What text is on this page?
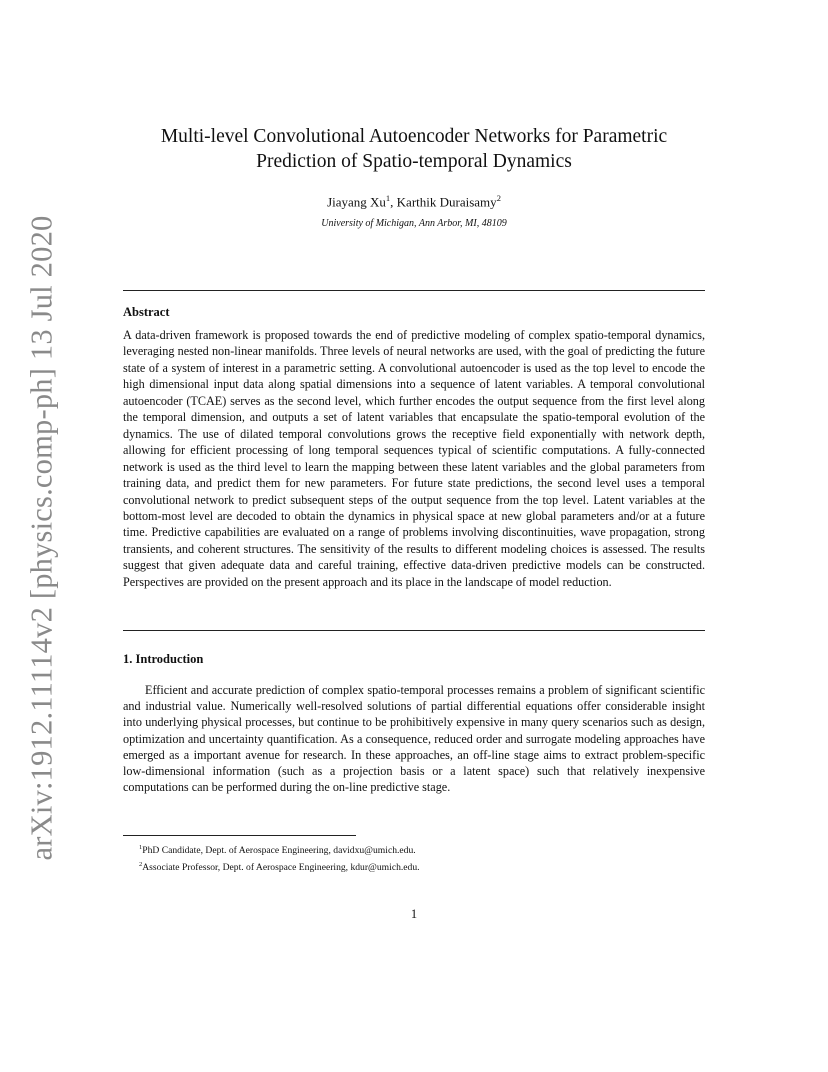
arXiv:1912.11114v2 [physics.comp-ph] 13 Jul 2020
Multi-level Convolutional Autoencoder Networks for Parametric
Prediction of Spatio-temporal Dynamics
Jiayang Xu$^1$, Karthik Duraisamy$^2$
University of Michigan, Ann Arbor, MI, 48109
Abstract
A data-driven framework is proposed towards the end of predictive modeling of complex spatio-temporal dynamics, leveraging nested non-linear manifolds. Three levels of neural networks are used, with the goal of predicting the future state of a system of interest in a parametric setting. A convolutional autoencoder is used as the top level to encode the high dimensional input data along spatial dimensions into a sequence of latent variables. A temporal convolutional autoencoder (TCAE) serves as the second level, which further encodes the output sequence from the first level along the temporal dimension, and outputs a set of latent variables that encapsulate the spatio-temporal evolution of the dynamics. The use of dilated temporal convolutions grows the receptive field exponentially with network depth, allowing for efficient processing of long temporal sequences typical of scientific computations. A fully-connected network is used as the third level to learn the mapping between these latent variables and the global parameters from training data, and predict them for new parameters. For future state predictions, the second level uses a temporal convolutional network to predict subsequent steps of the output sequence from the top level. Latent variables at the bottom-most level are decoded to obtain the dynamics in physical space at new global parameters and/or at a future time. Predictive capabilities are evaluated on a range of problems involving discontinuities, wave propagation, strong transients, and coherent structures. The sensitivity of the results to different modeling choices is assessed. The results suggest that given adequate data and careful training, effective data-driven predictive models can be constructed. Perspectives are provided on the present approach and its place in the landscape of model reduction.
1. Introduction
Efficient and accurate prediction of complex spatio-temporal processes remains a problem of significant scientific and industrial value. Numerically well-resolved solutions of partial differential equations offer considerable insight into underlying physical processes, but continue to be prohibitively expensive in many query scenarios such as design, optimization and uncertainty quantification. As a consequence, reduced order and surrogate modeling approaches have emerged as a important avenue for research. In these approaches, an off-line stage aims to extract problem-specific low-dimensional information (such as a projection basis or a latent space) such that relatively inexpensive computations can be performed during the on-line predictive stage.
$^1$PhD Candidate, Dept. of Aerospace Engineering, davidxu@umich.edu.
$^2$Associate Professor, Dept. of Aerospace Engineering, kdur@umich.edu.
1
